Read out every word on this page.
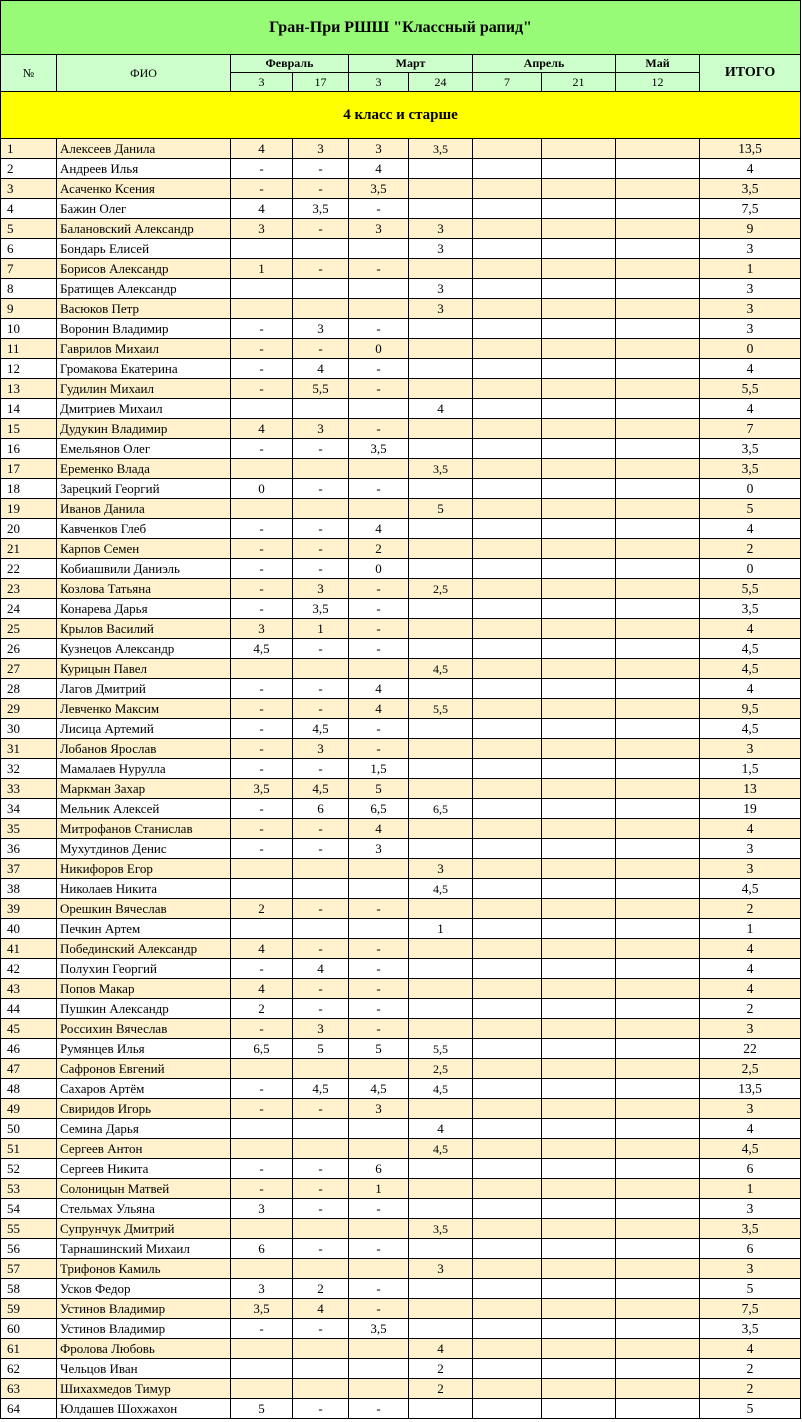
Гран-При РШШ "Классный рапид"									
№	ФИО	Февраль		Март		Апрель		Май	ИТОГО
		3	17	3	24	7	21	12	
4 класс и старше									
1	Алексеев Данила	4	3	3	3,5				13,5
2	Андреев Илья	-	-	4					4
3	Асаченко Ксения	-	-	3,5					3,5
4	Бажин Олег	4	3,5	-					7,5
5	Балановский Александр	3	-	3	3				9
6	Бондарь Елисей				3				3
7	Борисов Александр	1	-	-					1
8	Братищев Александр				3				3
9	Васюков Петр				3				3
10	Воронин Владимир	-	3	-					3
11	Гаврилов Михаил	-	-	0					0
12	Громакова Екатерина	-	4	-					4
13	Гудилин Михаил	-	5,5	-					5,5
14	Дмитриев Михаил				4				4
15	Дудукин Владимир	4	3	-					7
16	Емельянов Олег	-	-	3,5					3,5
17	Еременко Влада				3,5				3,5
18	Зарецкий Георгий	0	-	-					0
19	Иванов Данила				5				5
20	Кавченков Глеб	-	-	4					4
21	Карпов Семен	-	-	2					2
22	Кобиашвили Даниэль	-	-	0					0
23	Козлова Татьяна	-	3	-	2,5				5,5
24	Конарева Дарья	-	3,5	-					3,5
25	Крылов Василий	3	1	-					4
26	Кузнецов Александр	4,5	-	-					4,5
27	Курицын Павел				4,5				4,5
28	Лагов Дмитрий	-	-	4					4
29	Левченко Максим	-	-	4	5,5				9,5
30	Лисица Артемий	-	4,5	-					4,5
31	Лобанов Ярослав	-	3	-					3
32	Мамалаев Нурулла	-	-	1,5					1,5
33	Маркман Захар	3,5	4,5	5					13
34	Мельник Алексей	-	6	6,5	6,5				19
35	Митрофанов Станислав	-	-	4					4
36	Мухутдинов Денис	-	-	3					3
37	Никифоров Егор				3				3
38	Николаев Никита				4,5				4,5
39	Орешкин Вячеслав	2	-	-					2
40	Печкин Артем				1				1
41	Побединский Александр	4	-	-					4
42	Полухин Георгий	-	4	-					4
43	Попов Макар	4	-	-					4
44	Пушкин Александр	2	-	-					2
45	Россихин Вячеслав	-	3	-					3
46	Румянцев Илья	6,5	5	5	5,5				22
47	Сафронов Евгений				2,5				2,5
48	Сахаров Артём	-	4,5	4,5	4,5				13,5
49	Свиридов Игорь	-	-	3					3
50	Семина Дарья				4				4
51	Сергеев Антон				4,5				4,5
52	Сергеев Никита	-	-	6					6
53	Солоницын Матвей	-	-	1					1
54	Стельмах Ульяна	3	-	-					3
55	Супрунчук Дмитрий				3,5				3,5
56	Тарнашинский Михаил	6	-	-					6
57	Трифонов Камиль				3				3
58	Усков Федор	3	2	-					5
59	Устинов Владимир	3,5	4	-					7,5
60	Устинов Владимир	-	-	3,5					3,5
61	Фролова Любовь				4				4
62	Чельцов Иван				2				2
63	Шихахмедов Тимур				2				2
64	Юлдашев Шохжахон	5	-	-					5
